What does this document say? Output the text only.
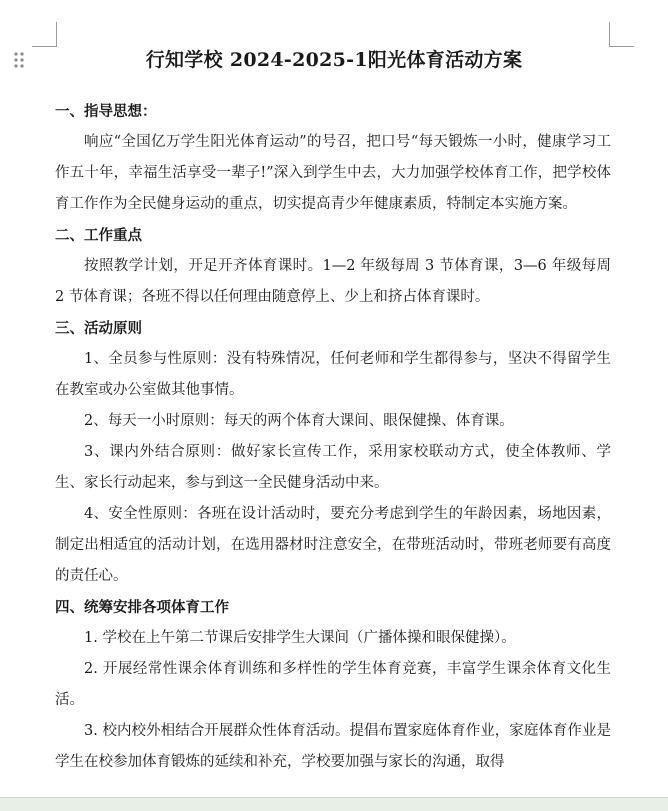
行知学校 2024-2025-1阳光体育活动方案

一、指导思想：

响应“全国亿万学生阳光体育运动”的号召，把口号“每天锻炼一小时，健康学习工作五十年，幸福生活享受一辈子!”深入到学生中去，大力加强学校体育工作，把学校体育工作作为全民健身运动的重点，切实提高青少年健康素质，特制定本实施方案。

二、工作重点

按照教学计划，开足开齐体育课时。1—2 年级每周 3 节体育课，3—6 年级每周 2 节体育课；各班不得以任何理由随意停上、少上和挤占体育课时。

三、活动原则

1、全员参与性原则：没有特殊情况，任何老师和学生都得参与，坚决不得留学生在教室或办公室做其他事情。

2、每天一小时原则：每天的两个体育大课间、眼保健操、体育课。

3、课内外结合原则：做好家长宣传工作，采用家校联动方式，使全体教师、学生、家长行动起来，参与到这一全民健身活动中来。

4、安全性原则：各班在设计活动时，要充分考虑到学生的年龄因素，场地因素，制定出相适宜的活动计划，在选用器材时注意安全，在带班活动时，带班老师要有高度的责任心。

四、统筹安排各项体育工作

1. 学校在上午第二节课后安排学生大课间（广播体操和眼保健操）。

2. 开展经常性课余体育训练和多样性的学生体育竞赛，丰富学生课余体育文化生活。

3. 校内校外相结合开展群众性体育活动。提倡布置家庭体育作业，家庭体育作业是学生在校参加体育锻炼的延续和补充，学校要加强与家长的沟通，取得
